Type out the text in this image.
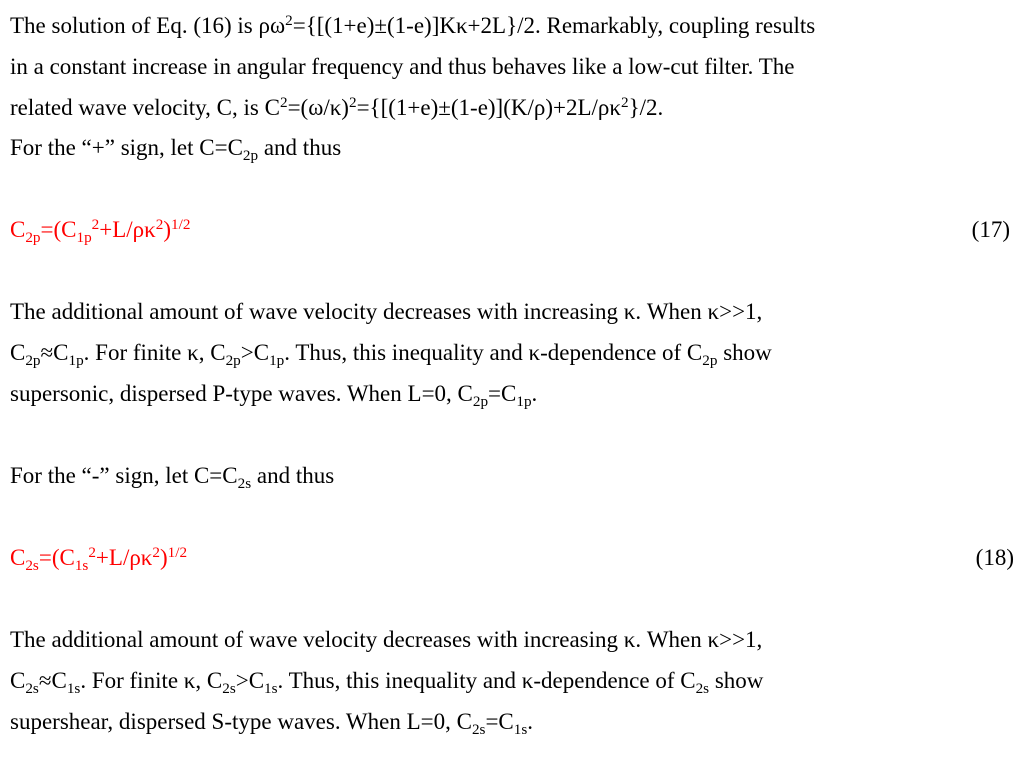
The solution of Eq. (16) is $\rho\omega^2=\{[(1+e)\pm(1-e)]K\kappa+2L\}/2$. Remarkably, coupling results
in a constant increase in angular frequency and thus behaves like a low-cut filter. The
related wave velocity, C, is $C^2=(\omega/\kappa)^2=\{[(1+e)\pm(1-e)](K/\rho)+2L/\rho\kappa^2\}/2$.
For the “+” sign, let $C=C_{2p}$ and thus
$C_{2p}=(C_{1p}^2+L/\rho\kappa^2)^{1/2}$	(17)
The additional amount of wave velocity decreases with increasing κ. When κ>>1,
$C_{2p}\approx C_{1p}$. For finite κ, $C_{2p}>C_{1p}$. Thus, this inequality and κ-dependence of $C_{2p}$ show
supersonic, dispersed P-type waves. When L=0, $C_{2p}=C_{1p}$.
For the “-” sign, let $C=C_{2s}$ and thus
$C_{2s}=(C_{1s}^2+L/\rho\kappa^2)^{1/2}$	(18)
The additional amount of wave velocity decreases with increasing κ. When κ>>1,
$C_{2s}\approx C_{1s}$. For finite κ, $C_{2s}>C_{1s}$. Thus, this inequality and κ-dependence of $C_{2s}$ show
supershear, dispersed S-type waves. When L=0, $C_{2s}=C_{1s}$.
